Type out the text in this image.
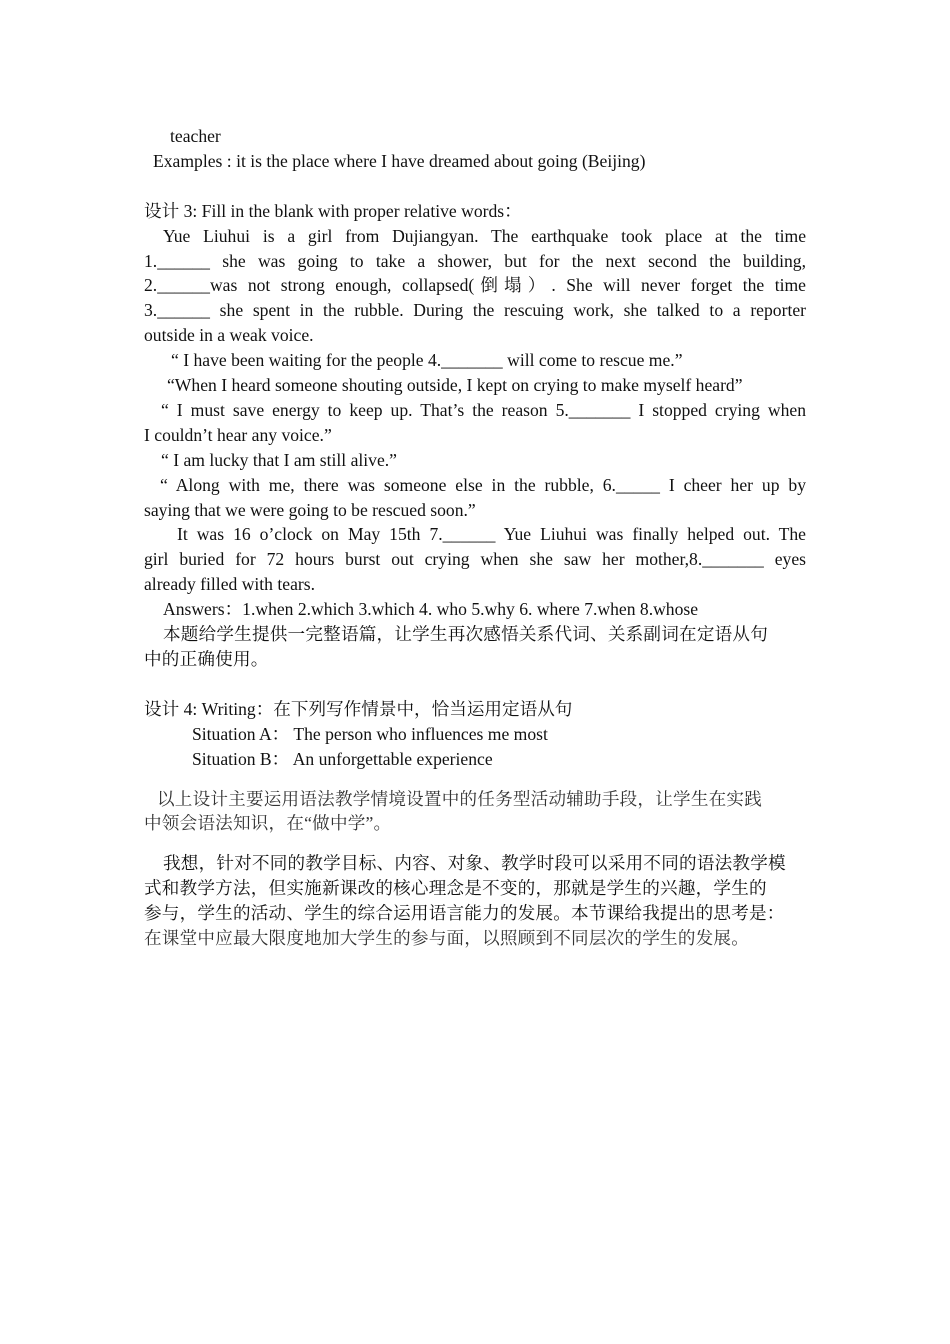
teacher
Examples : it is the place where I have dreamed about going (Beijing)
设计 3: Fill in the blank with proper relative words：
Yue Liuhui is a girl from Dujiangyan. The earthquake took place at the time
1.______ she was going to take a shower, but for the next second the building,
2.______was not strong enough, collapsed(倒塌）. She will never forget the time
3.______ she spent in the rubble. During the rescuing work, she talked to a reporter
outside in a weak voice.
“ I have been waiting for the people 4._______ will come to rescue me.”
“When I heard someone shouting outside, I kept on crying to make myself heard”
“ I must save energy to keep up. That’s the reason 5._______ I stopped crying when
I couldn’t hear any voice.”
“ I am lucky that I am still alive.”
“ Along with me, there was someone else in the rubble, 6._____ I cheer her up by
saying that we were going to be rescued soon.”
It was 16 o’clock on May 15th 7.______ Yue Liuhui was finally helped out. The
girl buried for 72 hours burst out crying when she saw her mother,8._______ eyes
already filled with tears.
Answers：1.when 2.which 3.which 4. who 5.why 6. where 7.when 8.whose
本题给学生提供一完整语篇，让学生再次感悟关系代词、关系副词在定语从句
中的正确使用。
设计 4: Writing：在下列写作情景中，恰当运用定语从句
Situation A： The person who influences me most
Situation B： An unforgettable experience
以上设计主要运用语法教学情境设置中的任务型活动辅助手段，让学生在实践
中领会语法知识，在“做中学”。
我想，针对不同的教学目标、内容、对象、教学时段可以采用不同的语法教学模
式和教学方法，但实施新课改的核心理念是不变的，那就是学生的兴趣，学生的
参与，学生的活动、学生的综合运用语言能力的发展。本节课给我提出的思考是：
在课堂中应最大限度地加大学生的参与面，以照顾到不同层次的学生的发展。
